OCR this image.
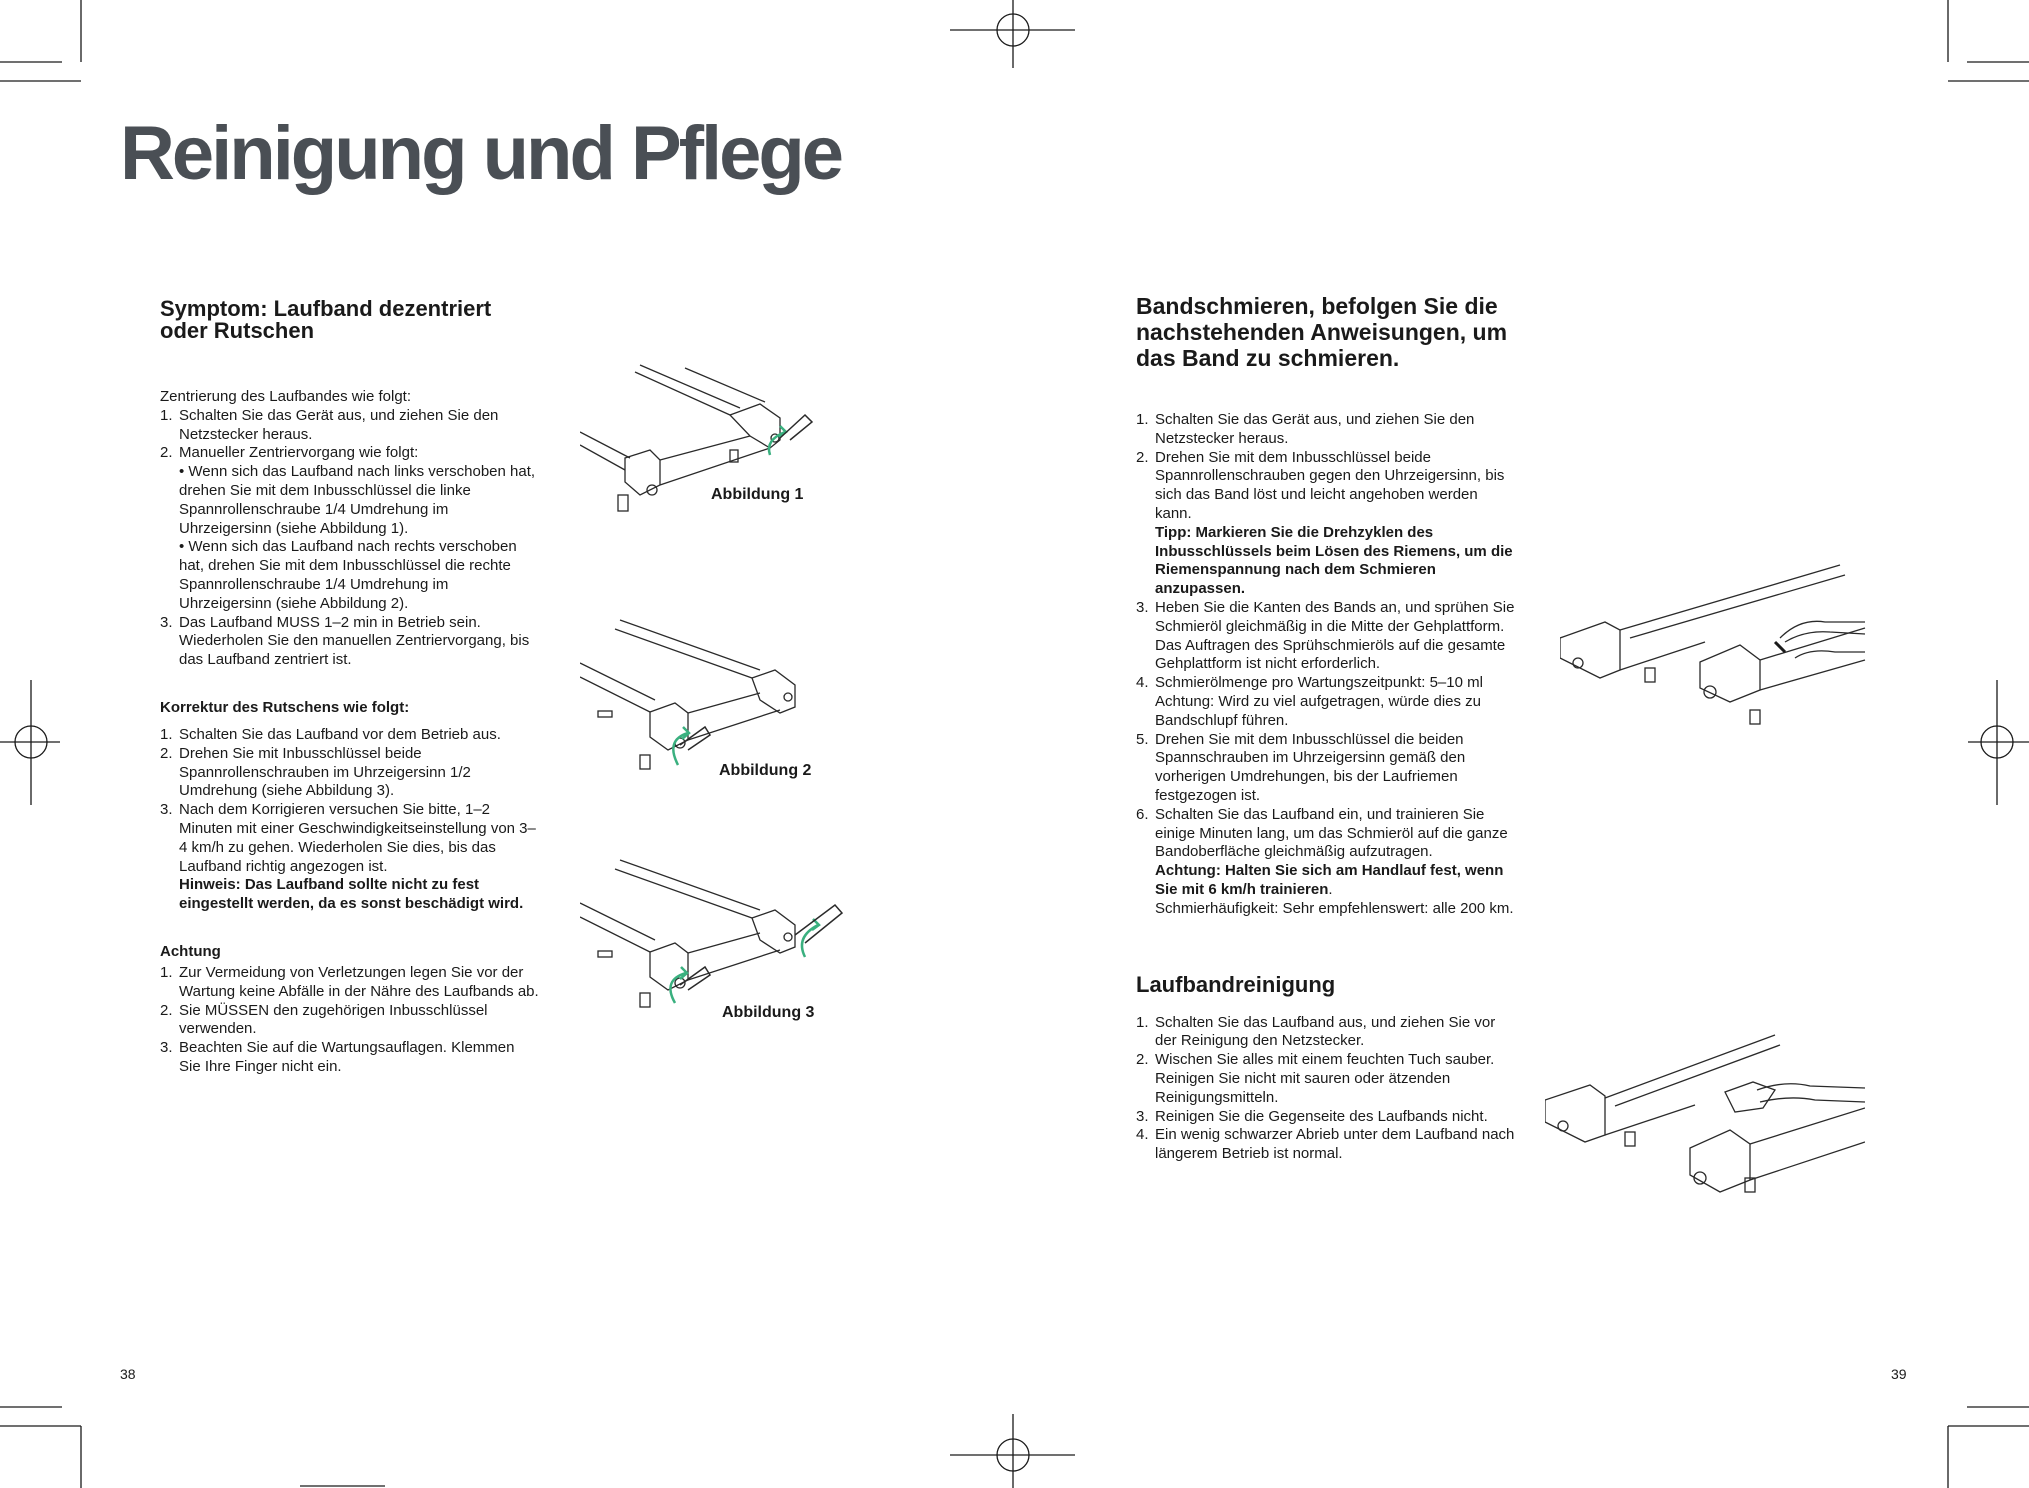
Reinigung und Pflege
Symptom: Laufband dezentriert oder Rutschen

Zentrierung des Laufbandes wie folgt:

1. Schalten Sie das Gerät aus, und ziehen Sie den Netzstecker heraus.
2. Manueller Zentriervorgang wie folgt:
• Wenn sich das Laufband nach links verschoben hat, drehen Sie mit dem Inbusschlüssel die linke Spannrollenschraube 1/4 Umdrehung im Uhrzeigersinn (siehe Abbildung 1).
• Wenn sich das Laufband nach rechts verschoben hat, drehen Sie mit dem Inbusschlüssel die rechte Spannrollenschraube 1/4 Umdrehung im Uhrzeigersinn (siehe Abbildung 2).
3. Das Laufband MUSS 1–2 min in Betrieb sein. Wiederholen Sie den manuellen Zentriervorgang, bis das Laufband zentriert ist.
Korrektur des Rutschens wie folgt:
1. Schalten Sie das Laufband vor dem Betrieb aus.
2. Drehen Sie mit Inbusschlüssel beide Spannrollenschrauben im Uhrzeigersinn 1/2 Umdrehung (siehe Abbildung 3).
3. Nach dem Korrigieren versuchen Sie bitte, 1–2 Minuten mit einer Geschwindigkeitseinstellung von 3–4 km/h zu gehen. Wiederholen Sie dies, bis das Laufband richtig angezogen ist.
Hinweis: Das Laufband sollte nicht zu fest eingestellt werden, da es sonst beschädigt wird.
Achtung
1. Zur Vermeidung von Verletzungen legen Sie vor der Wartung keine Abfälle in der Nähre des Laufbands ab.
2. Sie MÜSSEN den zugehörigen Inbusschlüssel verwenden.
3. Beachten Sie auf die Wartungsauflagen. Klemmen Sie Ihre Finger nicht ein.
Abbildung 1
Abbildung 2
Abbildung 3
38
Bandschmieren, befolgen Sie die nachstehenden Anweisungen, um das Band zu schmieren.
1. Schalten Sie das Gerät aus, und ziehen Sie den Netzstecker heraus.
2. Drehen Sie mit dem Inbusschlüssel beide Spannrollenschrauben gegen den Uhrzeigersinn, bis sich das Band löst und leicht angehoben werden kann.
Tipp: Markieren Sie die Drehzyklen des Inbusschlüssels beim Lösen des Riemens, um die Riemenspannung nach dem Schmieren anzupassen.
3. Heben Sie die Kanten des Bands an, und sprühen Sie Schmieröl gleichmäßig in die Mitte der Gehplattform. Das Auftragen des Sprühschmieröls auf die gesamte Gehplattform ist nicht erforderlich.
4. Schmierölmenge pro Wartungszeitpunkt: 5–10 ml Achtung: Wird zu viel aufgetragen, würde dies zu Bandschlupf führen.
5. Drehen Sie mit dem Inbusschlüssel die beiden Spannschrauben im Uhrzeigersinn gemäß den vorherigen Umdrehungen, bis der Laufriemen festgezogen ist.
6. Schalten Sie das Laufband ein, und trainieren Sie einige Minuten lang, um das Schmieröl auf die ganze Bandoberfläche gleichmäßig aufzutragen.
Achtung: Halten Sie sich am Handlauf fest, wenn Sie mit 6 km/h trainieren.
Schmierhäufigkeit: Sehr empfehlenswert: alle 200 km.
Laufbandreinigung
1. Schalten Sie das Laufband aus, und ziehen Sie vor der Reinigung den Netzstecker.
2. Wischen Sie alles mit einem feuchten Tuch sauber. Reinigen Sie nicht mit sauren oder ätzenden Reinigungsmitteln.
3. Reinigen Sie die Gegenseite des Laufbands nicht.
4. Ein wenig schwarzer Abrieb unter dem Laufband nach längerem Betrieb ist normal.
39
